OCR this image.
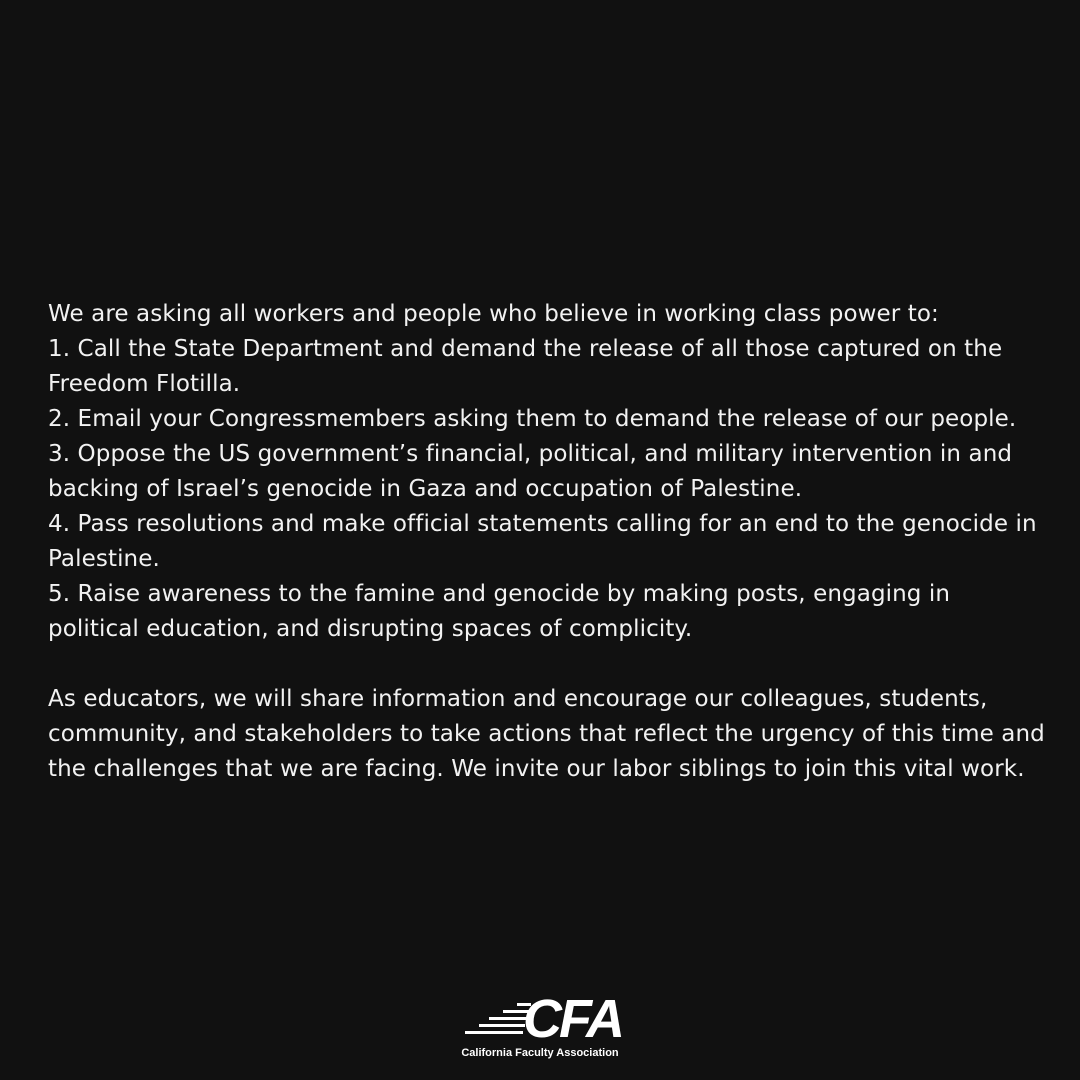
We are asking all workers and people who believe in working class power to:

1. Call the State Department and demand the release of all those captured on the Freedom Flotilla.

2. Email your Congressmembers asking them to demand the release of our people.

3. Oppose the US government’s financial, political, and military intervention in and backing of Israel’s genocide in Gaza and occupation of Palestine.

4. Pass resolutions and make official statements calling for an end to the genocide in Palestine.

5. Raise awareness to the famine and genocide by making posts, engaging in political education, and disrupting spaces of complicity.

As educators, we will share information and encourage our colleagues, students, community, and stakeholders to take actions that reflect the urgency of this time and the challenges that we are facing. We invite our labor siblings to join this vital work.

CFA
California Faculty Association
